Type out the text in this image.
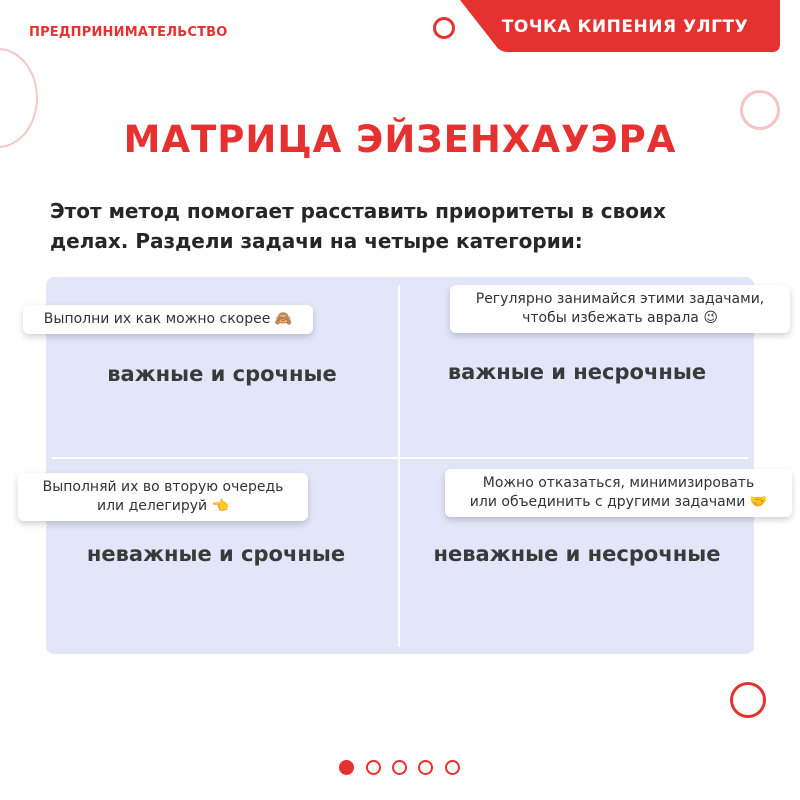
ПРЕДПРИНИМАТЕЛЬСТВО	ТОЧКА КИПЕНИЯ УЛГТУ
МАТРИЦА ЭЙЗЕНХАУЭРА
Этот метод помогает расставить приоритеты в своих
делах. Раздели задачи на четыре категории:
важные и срочные	важные и несрочные
неважные и срочные	неважные и несрочные
Выполни их как можно скорее 🙈
Регулярно занимайся этими задачами,
чтобы избежать аврала 😉
Выполняй их во вторую очередь
или делегируй 👈
Можно отказаться, минимизировать
или объединить с другими задачами 🤝
